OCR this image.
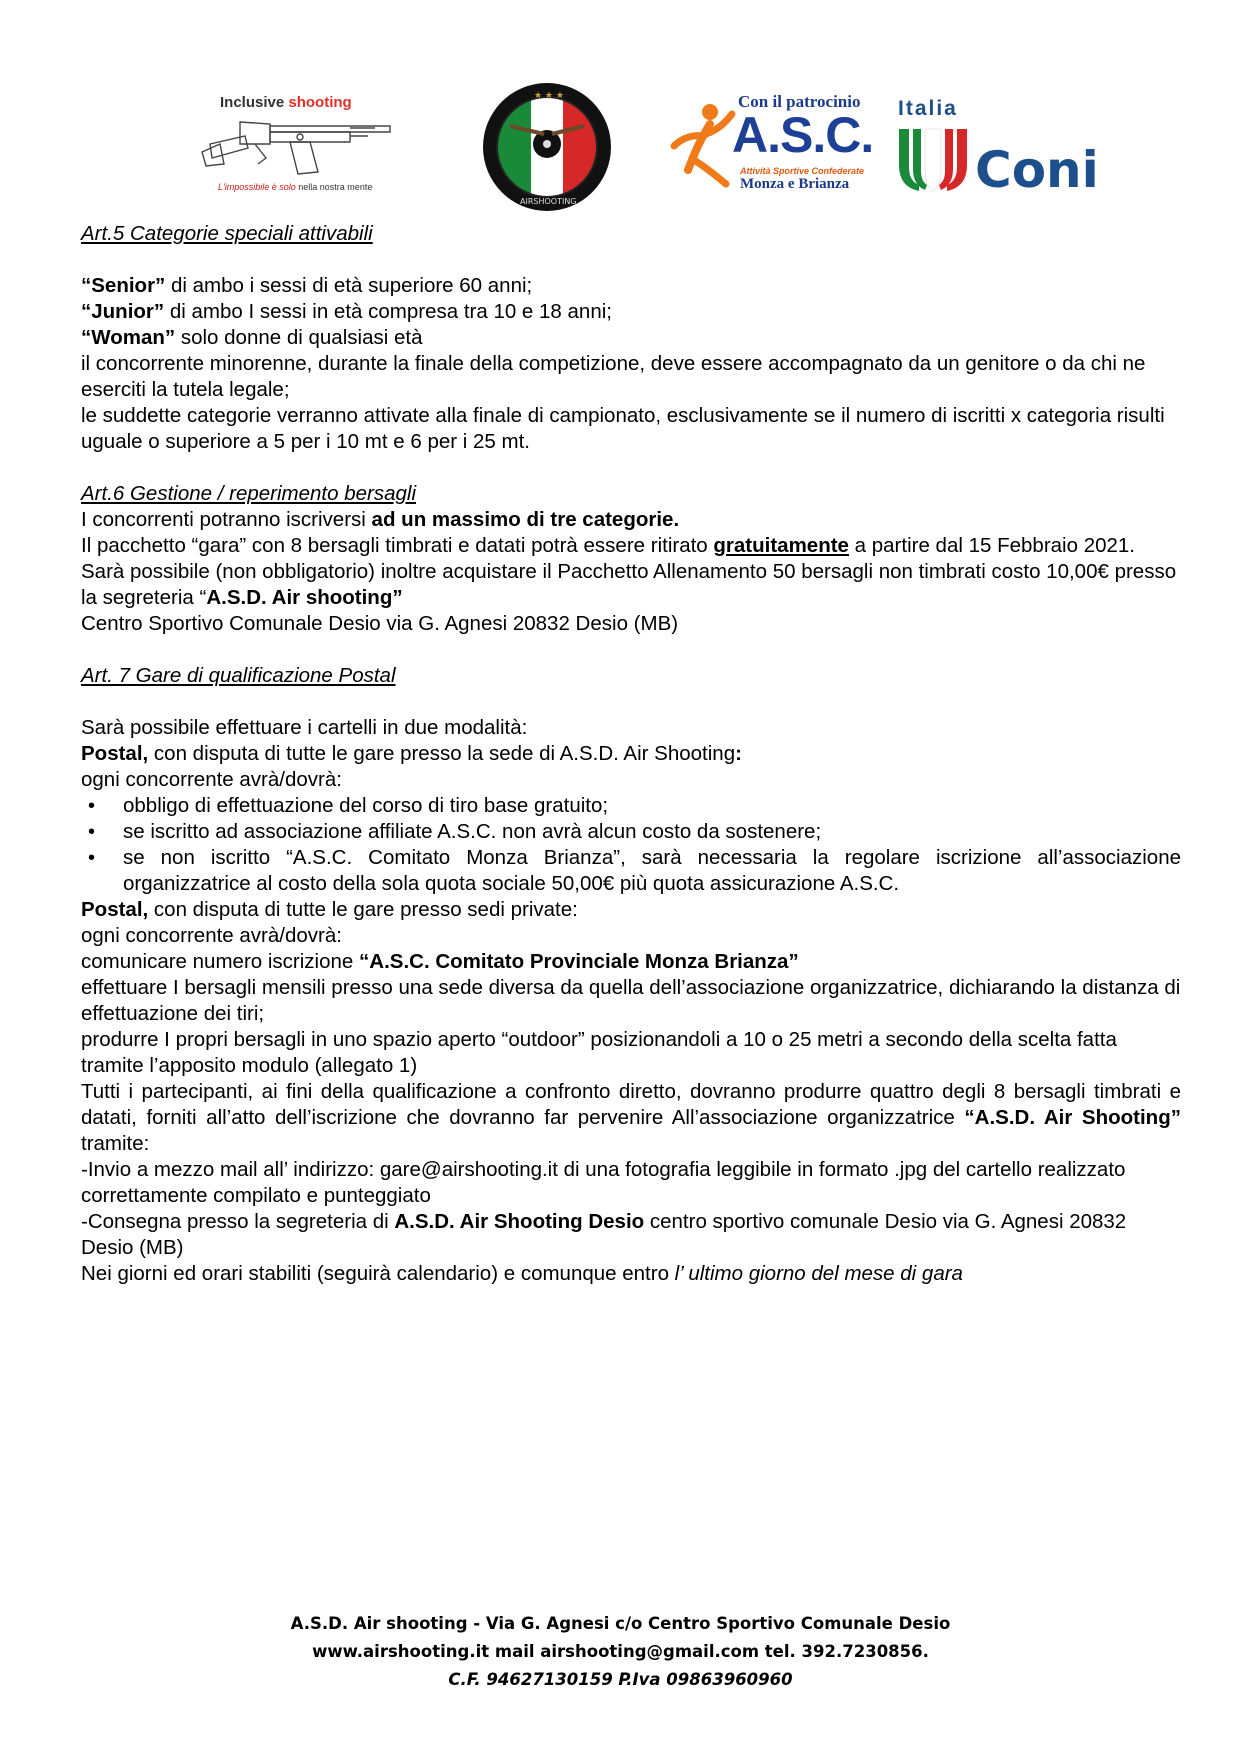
Inclusive shooting
L'impossibile è solo nella nostra mente
★ ★ ★
AIRSHOOTING
Con il patrocinio
A.S.C.
Attività Sportive Confederate
Monza e Brianza
Italia
Coni

Art.5 Categorie speciali attivabili

“Senior” di ambo i sessi di età superiore 60 anni;

“Junior” di ambo I sessi in età compresa tra 10 e 18 anni;

“Woman” solo donne di qualsiasi età

il concorrente minorenne, durante la finale della competizione, deve essere accompagnato da un genitore o da chi ne eserciti la tutela legale;

le suddette categorie verranno attivate alla finale di campionato, esclusivamente se il numero di iscritti x categoria risulti uguale o superiore a 5 per i 10 mt e 6 per i 25 mt.

Art.6 Gestione / reperimento bersagli

I concorrenti potranno iscriversi ad un massimo di tre categorie.

Il pacchetto “gara” con 8 bersagli timbrati e datati potrà essere ritirato gratuitamente a partire dal 15 Febbraio 2021. Sarà possibile (non obbligatorio) inoltre acquistare il Pacchetto Allenamento 50 bersagli non timbrati costo 10,00€ presso la segreteria “A.S.D. Air shooting”

Centro Sportivo Comunale Desio via G. Agnesi 20832 Desio (MB)

Art. 7 Gare di qualificazione Postal

Sarà possibile effettuare i cartelli in due modalità:

Postal, con disputa di tutte le gare presso la sede di A.S.D. Air Shooting:

ogni concorrente avrà/dovrà:

• obbligo di effettuazione del corso di tiro base gratuito;
• se iscritto ad associazione affiliate A.S.C. non avrà alcun costo da sostenere;
• se non iscritto “A.S.C. Comitato Monza Brianza”, sarà necessaria la regolare iscrizione all’associazione organizzatrice al costo della sola quota sociale 50,00€ più quota assicurazione A.S.C.

Postal, con disputa di tutte le gare presso sedi private:

ogni concorrente avrà/dovrà:

comunicare numero iscrizione “A.S.C. Comitato Provinciale Monza Brianza”

effettuare I bersagli mensili presso una sede diversa da quella dell’associazione organizzatrice, dichiarando la distanza di effettuazione dei tiri;

produrre I propri bersagli in uno spazio aperto “outdoor” posizionandoli a 10 o 25 metri a secondo della scelta fatta tramite l’apposito modulo (allegato 1)

Tutti i partecipanti, ai fini della qualificazione a confronto diretto, dovranno produrre quattro degli 8 bersagli timbrati e datati, forniti all’atto dell’iscrizione che dovranno far pervenire All’associazione organizzatrice “A.S.D. Air Shooting” tramite:

-Invio a mezzo mail all’ indirizzo: gare@airshooting.it di una fotografia leggibile in formato .jpg del cartello realizzato correttamente compilato e punteggiato

-Consegna presso la segreteria di A.S.D. Air Shooting Desio centro sportivo comunale Desio via G. Agnesi 20832 Desio (MB)

Nei giorni ed orari stabiliti (seguirà calendario) e comunque entro l’ ultimo giorno del mese di gara

A.S.D. Air shooting - Via G. Agnesi c/o Centro Sportivo Comunale Desio
www.airshooting.it mail airshooting@gmail.com tel. 392.7230856.
C.F. 94627130159 P.Iva 09863960960
